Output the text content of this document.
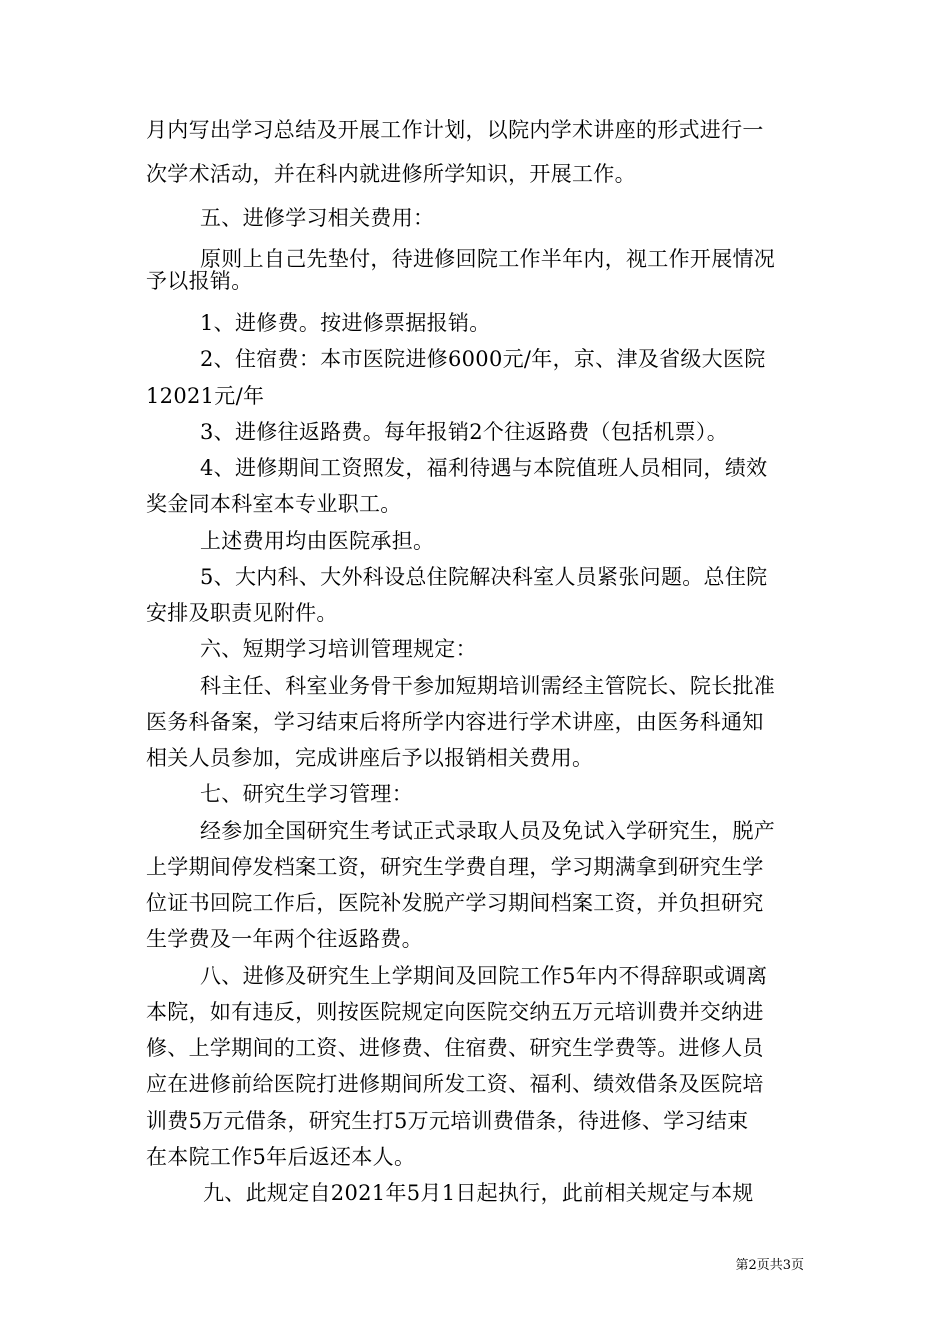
月内写出学习总结及开展工作计划，以院内学术讲座的形式进行一
次学术活动，并在科内就进修所学知识，开展工作。
五、进修学习相关费用：
原则上自己先垫付，待进修回院工作半年内，视工作开展情况
予以报销。
1、进修费。按进修票据报销。
2、住宿费：本市医院进修6000元/年，京、津及省级大医院
12021元/年
3、进修往返路费。每年报销2个往返路费（包括机票）。
4、进修期间工资照发，福利待遇与本院值班人员相同，绩效
奖金同本科室本专业职工。
上述费用均由医院承担。
5、大内科、大外科设总住院解决科室人员紧张问题。总住院
安排及职责见附件。
六、短期学习培训管理规定：
科主任、科室业务骨干参加短期培训需经主管院长、院长批准
医务科备案，学习结束后将所学内容进行学术讲座，由医务科通知
相关人员参加，完成讲座后予以报销相关费用。
七、研究生学习管理：
经参加全国研究生考试正式录取人员及免试入学研究生，脱产
上学期间停发档案工资，研究生学费自理，学习期满拿到研究生学
位证书回院工作后，医院补发脱产学习期间档案工资，并负担研究
生学费及一年两个往返路费。
八、进修及研究生上学期间及回院工作5年内不得辞职或调离
本院，如有违反，则按医院规定向医院交纳五万元培训费并交纳进
修、上学期间的工资、进修费、住宿费、研究生学费等。进修人员
应在进修前给医院打进修期间所发工资、福利、绩效借条及医院培
训费5万元借条，研究生打5万元培训费借条，待进修、学习结束
在本院工作5年后返还本人。
九、此规定自2021年5月1日起执行，此前相关规定与本规
第2页共3页
